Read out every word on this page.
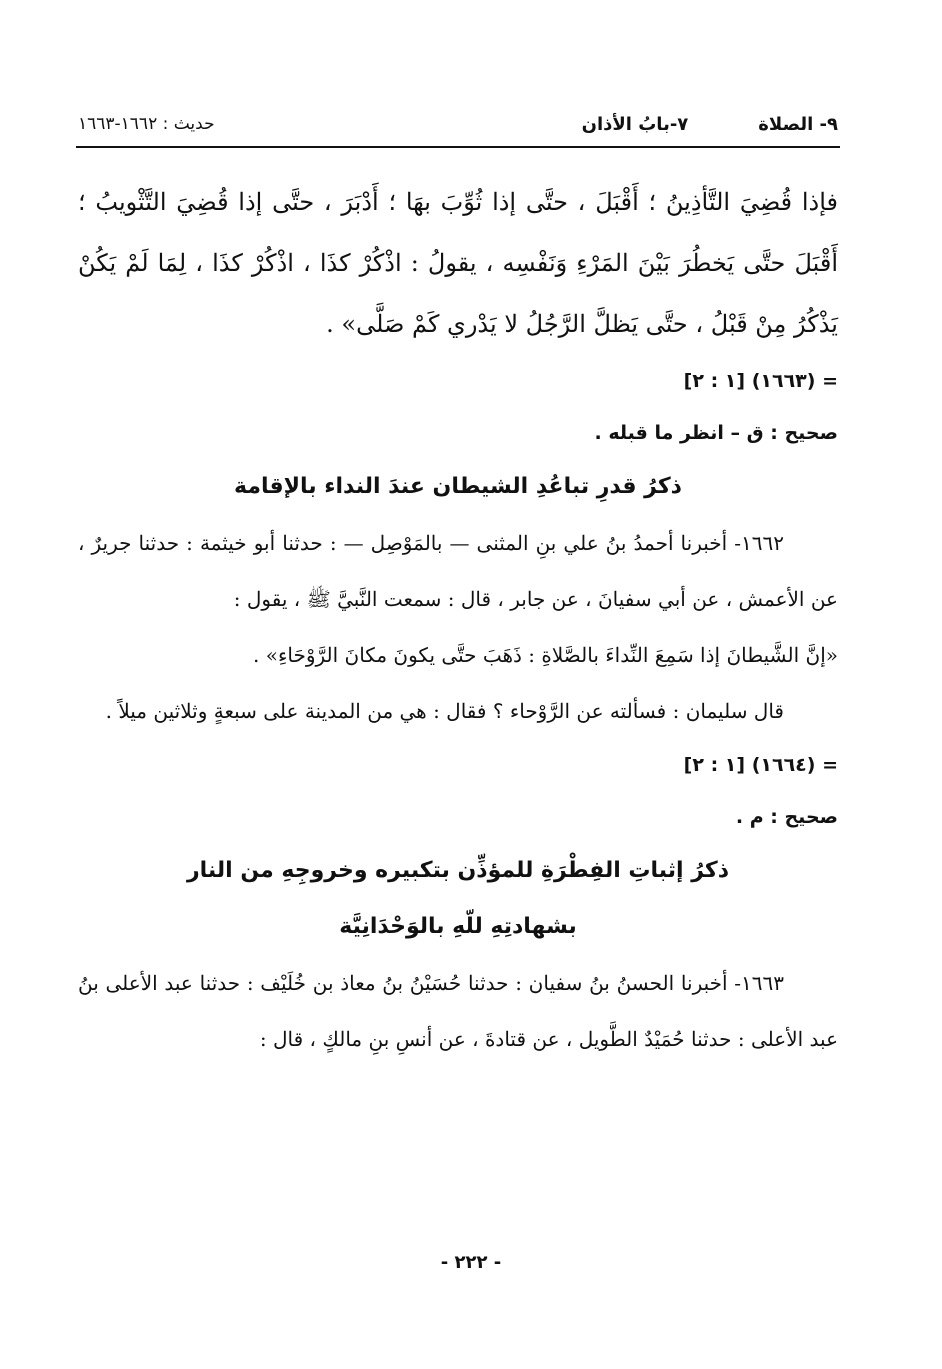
٩- الصلاة
٧-بابُ الأذان
حديث : ١٦٦٢-١٦٦٣

فإذا قُضِيَ التَّأذِينُ ؛ أَقْبَلَ ، حتَّى إذا ثُوِّبَ بهَا ؛ أَدْبَرَ ، حتَّى إذا قُضِيَ التَّثْويبُ ؛ أَقْبَلَ حتَّى يَخطُرَ بَيْنَ المَرْءِ وَنَفْسِه ، يقولُ : اذْكُرْ كذَا ، اذْكُرْ كذَا ، لِمَا لَمْ يَكُنْ يَذْكُرُ مِنْ قَبْلُ ، حتَّى يَظلَّ الرَّجُلُ لا يَدْري كَمْ صَلَّى» .

= (١٦٦٣) [١ : ٢]

صحيح : ق – انظر ما قبله .

ذكرُ قدرِ تباعُدِ الشيطان عندَ النداء بالإقامة

١٦٦٢- أخبرنا أحمدُ بنُ علي بنِ المثنى — بالمَوْصِل — : حدثنا أبو خيثمة : حدثنا جريرٌ ، عن الأعمش ، عن أبي سفيانَ ، عن جابر ، قال : سمعت النَّبيَّ ﷺ ، يقول :

«إنَّ الشَّيطانَ إذا سَمِعَ النِّداءَ بالصَّلاةِ : ذَهَبَ حتَّى يكونَ مكانَ الرَّوْحَاءِ» .

قال سليمان : فسألته عن الرَّوْحاء ؟ فقال : هي من المدينة على سبعةٍ وثلاثين ميلاً .

= (١٦٦٤) [١ : ٢]

صحيح : م .

ذكرُ إثباتِ الفِطْرَةِ للمؤذِّن بتكبيره وخروجِهِ من النار

بشهادتِهِ للّهِ بالوَحْدَانِيَّة

١٦٦٣- أخبرنا الحسنُ بنُ سفيان : حدثنا حُسَيْنُ بنُ معاذ بن خُلَيْف : حدثنا عبد الأعلى بنُ عبد الأعلى : حدثنا حُمَيْدٌ الطَّويل ، عن قتادةَ ، عن أنسِ بنِ مالكٍ ، قال :

- ٢٢٢ -
